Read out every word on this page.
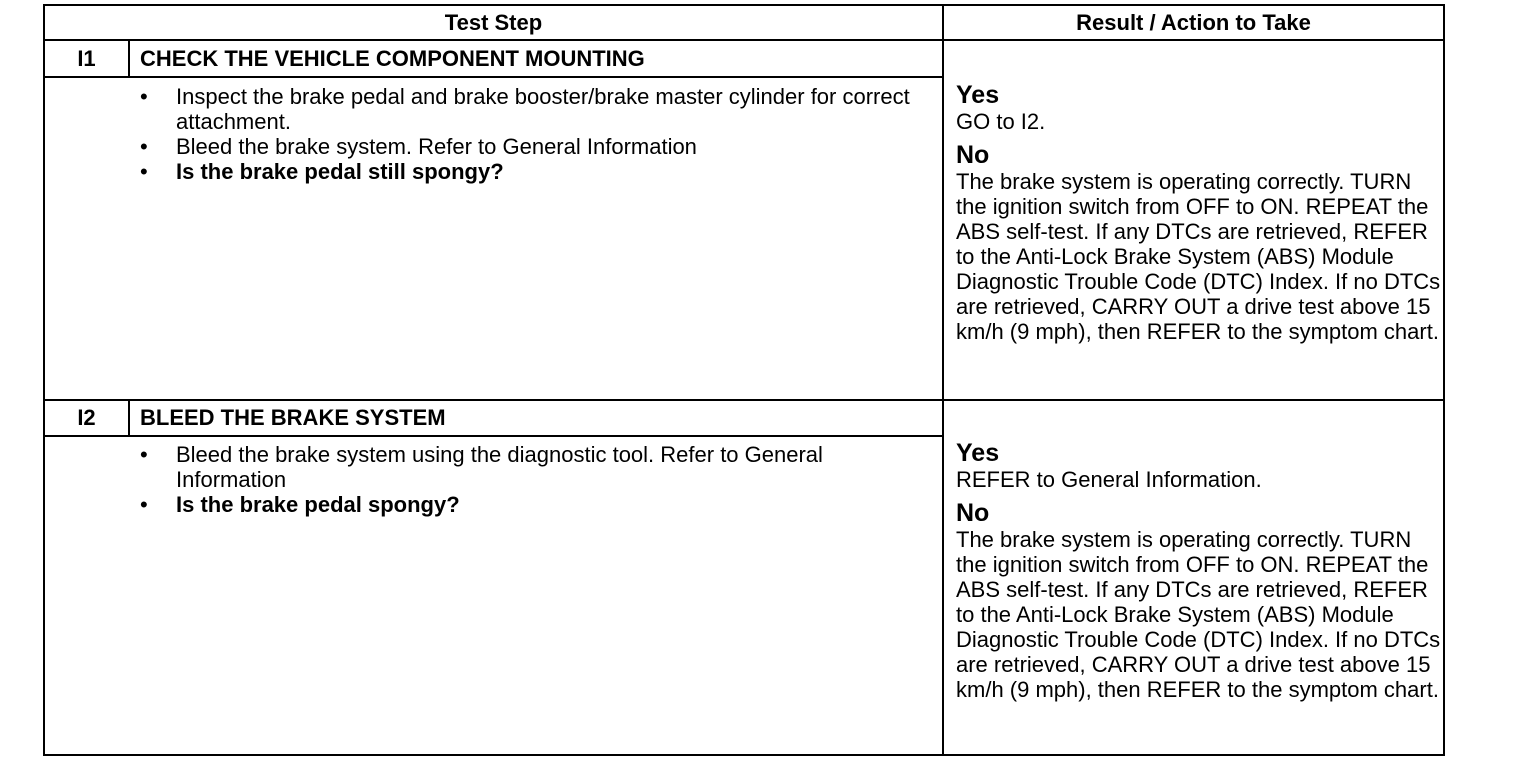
Test Step	Result / Action to Take
I1	CHECK THE VEHICLE COMPONENT MOUNTING
• Inspect the brake pedal and brake booster/brake master cylinder for correct attachment.
• Bleed the brake system. Refer to General Information
• Is the brake pedal still spongy?
Yes
GO to I2.
No
The brake system is operating correctly. TURN the ignition switch from OFF to ON. REPEAT the ABS self-test. If any DTCs are retrieved, REFER to the Anti-Lock Brake System (ABS) Module Diagnostic Trouble Code (DTC) Index. If no DTCs are retrieved, CARRY OUT a drive test above 15 km/h (9 mph), then REFER to the symptom chart.
I2	BLEED THE BRAKE SYSTEM
• Bleed the brake system using the diagnostic tool. Refer to General Information
• Is the brake pedal spongy?
Yes
REFER to General Information.
No
The brake system is operating correctly. TURN the ignition switch from OFF to ON. REPEAT the ABS self-test. If any DTCs are retrieved, REFER to the Anti-Lock Brake System (ABS) Module Diagnostic Trouble Code (DTC) Index. If no DTCs are retrieved, CARRY OUT a drive test above 15 km/h (9 mph), then REFER to the symptom chart.
